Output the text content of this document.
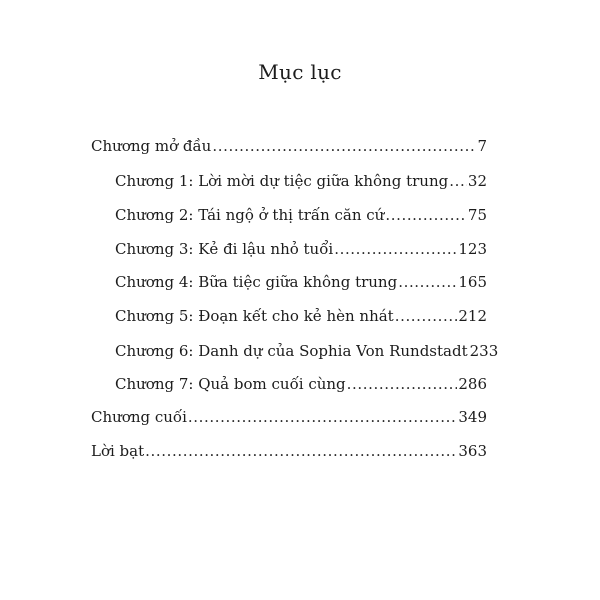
Mục lục
Chương mở đầu .....	7
Chương 1: Lời mời dự tiệc giữa không trung ..... 32
Chương 2: Tái ngộ ở thị trấn căn cứ .....	75
Chương 3: Kẻ đi lậu nhỏ tuổi .....	123
Chương 4: Bữa tiệc giữa không trung .....	165
Chương 5: Đoạn kết cho kẻ hèn nhát .....	212
Chương 6: Danh dự của Sophia Von Rundstadt 233
Chương 7: Quả bom cuối cùng .....	286
Chương cuối .....	349
Lời bạt .....	363
